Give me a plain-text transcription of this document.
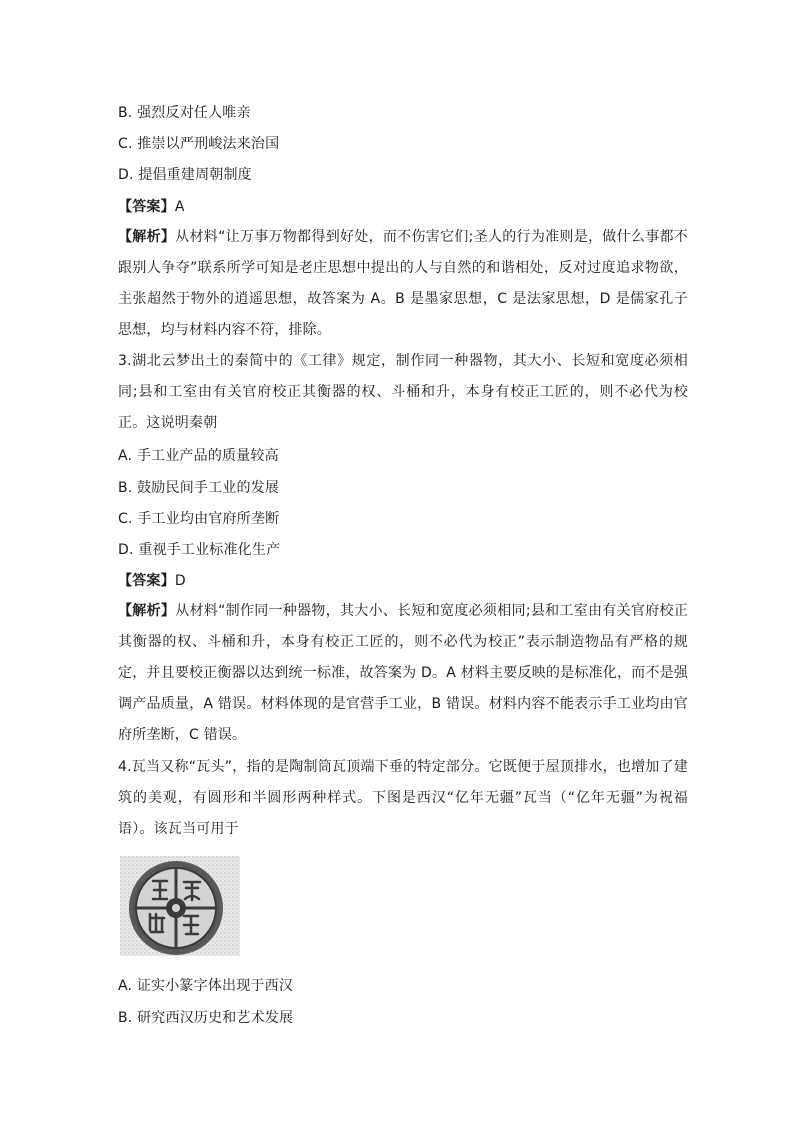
B. 强烈反对任人唯亲
C. 推崇以严刑峻法来治国
D. 提倡重建周朝制度
【答案】A
【解析】从材料“让万事万物都得到好处，而不伤害它们;圣人的行为准则是，做什么事都不跟别人争夺”联系所学可知是老庄思想中提出的人与自然的和谐相处，反对过度追求物欲，主张超然于物外的逍遥思想，故答案为 A。B 是墨家思想，C 是法家思想，D 是儒家孔子思想，均与材料内容不符，排除。
3.湖北云梦出土的秦简中的《工律》规定，制作同一种器物，其大小、长短和宽度必须相同;县和工室由有关官府校正其衡器的权、斗桶和升，本身有校正工匠的，则不必代为校正。这说明秦朝
A. 手工业产品的质量较高
B. 鼓励民间手工业的发展
C. 手工业均由官府所垄断
D. 重视手工业标准化生产
【答案】D
【解析】从材料“制作同一种器物，其大小、长短和宽度必须相同;县和工室由有关官府校正其衡器的权、斗桶和升，本身有校正工匠的，则不必代为校正”表示制造物品有严格的规定，并且要校正衡器以达到统一标准，故答案为 D。A 材料主要反映的是标准化，而不是强调产品质量，A 错误。材料体现的是官营手工业，B 错误。材料内容不能表示手工业均由官府所垄断，C 错误。
4.瓦当又称“瓦头”，指的是陶制筒瓦顶端下垂的特定部分。它既便于屋顶排水，也增加了建筑的美观，有圆形和半圆形两种样式。下图是西汉“亿年无疆”瓦当（“亿年无疆”为祝福语）。该瓦当可用于
A. 证实小篆字体出现于西汉
B. 研究西汉历史和艺术发展
